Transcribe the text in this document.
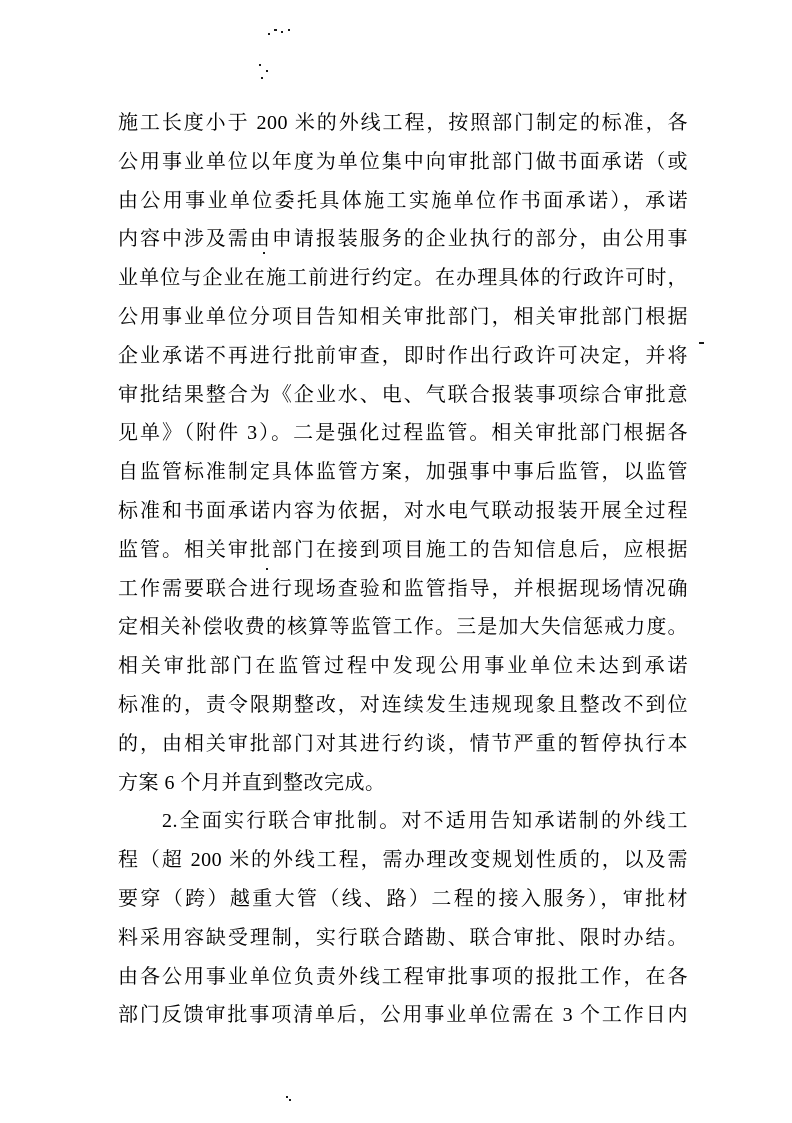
施工长度小于 200 米的外线工程，按照部门制定的标准，各
公用事业单位以年度为单位集中向审批部门做书面承诺（或
由公用事业单位委托具体施工实施单位作书面承诺），承诺
内容中涉及需由申请报装服务的企业执行的部分，由公用事
业单位与企业在施工前进行约定。在办理具体的行政许可时，
公用事业单位分项目告知相关审批部门，相关审批部门根据
企业承诺不再进行批前审查，即时作出行政许可决定，并将
审批结果整合为《企业水、电、气联合报装事项综合审批意
见单》（附件 3）。二是强化过程监管。相关审批部门根据各
自监管标准制定具体监管方案，加强事中事后监管，以监管
标准和书面承诺内容为依据，对水电气联动报装开展全过程
监管。相关审批部门在接到项目施工的告知信息后，应根据
工作需要联合进行现场查验和监管指导，并根据现场情况确
定相关补偿收费的核算等监管工作。三是加大失信惩戒力度。
相关审批部门在监管过程中发现公用事业单位未达到承诺
标准的，责令限期整改，对连续发生违规现象且整改不到位
的，由相关审批部门对其进行约谈，情节严重的暂停执行本
方案 6 个月并直到整改完成。
2.全面实行联合审批制。对不适用告知承诺制的外线工
程（超 200 米的外线工程，需办理改变规划性质的，以及需
要穿（跨）越重大管（线、路）二程的接入服务），审批材
料采用容缺受理制，实行联合踏勘、联合审批、限时办结。
由各公用事业单位负责外线工程审批事项的报批工作，在各
部门反馈审批事项清单后，公用事业单位需在 3 个工作日内
